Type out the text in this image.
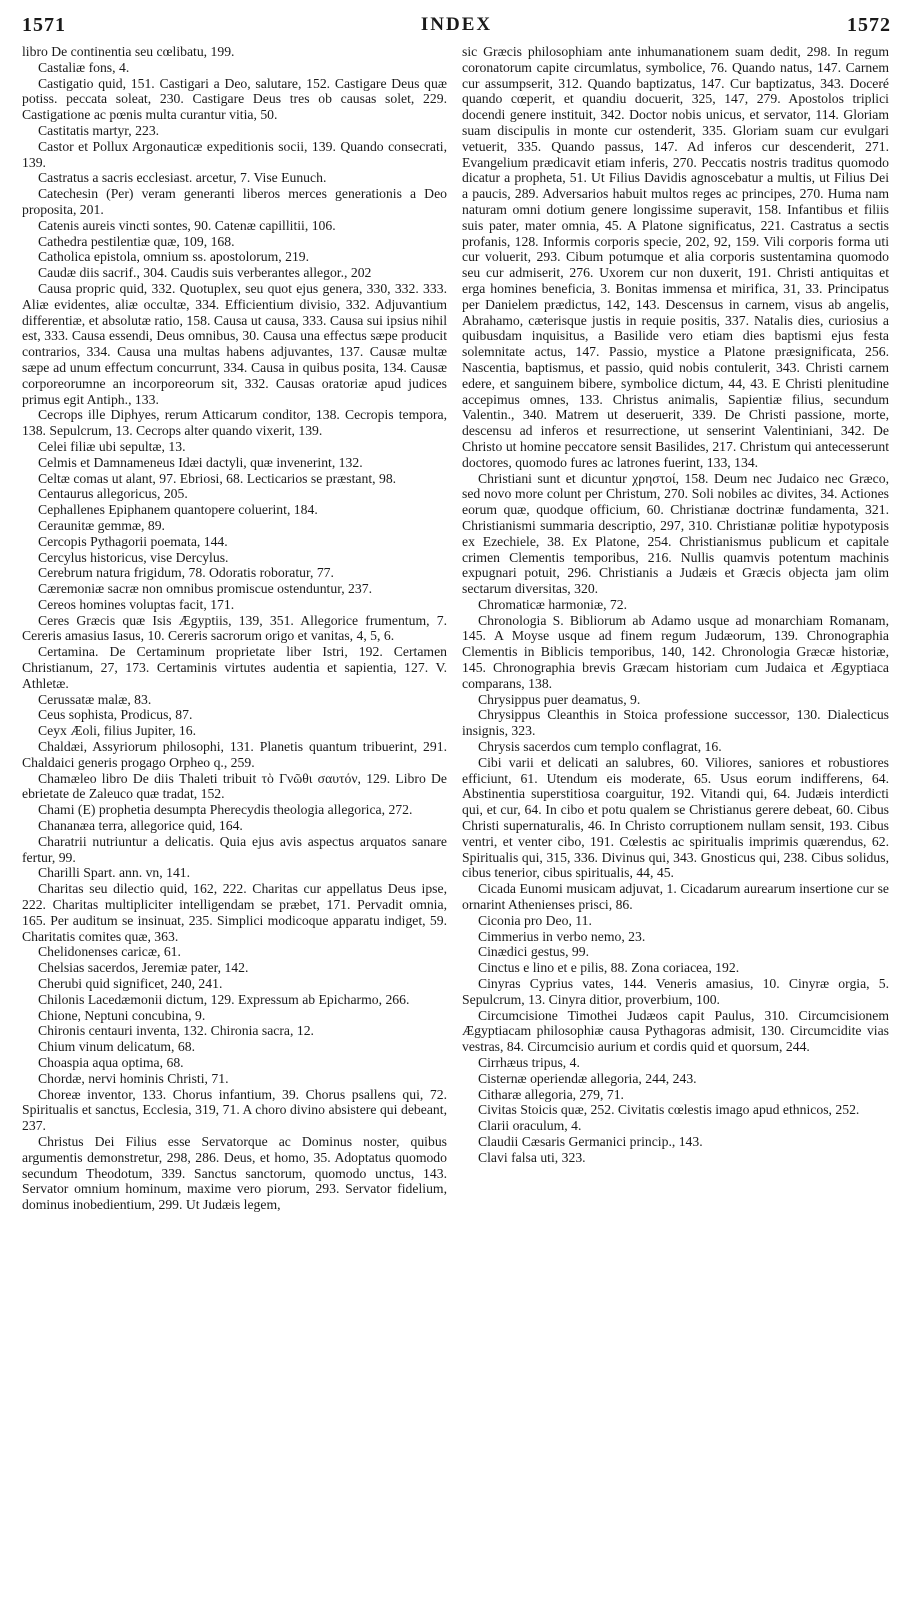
1571	INDEX	1572

libro De continentia seu cœlibatu, 199.

Castaliæ fons, 4.

Castigatio quid, 151. Castigari a Deo, salutare, 152. Castigare Deus quæ potiss. peccata soleat, 230. Castigare Deus tres ob causas solet, 229. Castigatione ac pœnis multa curantur vitia, 50.

Castitatis martyr, 223.

Castor et Pollux Argonauticæ expeditionis socii, 139. Quando consecrati, 139.

Castratus a sacris ecclesiast. arcetur, 7. Vise Eunuch.

Catechesin (Per) veram generanti liberos merces generationis a Deo proposita, 201.

Catenis aureis vincti sontes, 90. Catenæ capillitii, 106.

Cathedra pestilentiæ quæ, 109, 168.

Catholica epistola, omnium ss. apostolorum, 219.

Caudæ diis sacrif., 304. Caudis suis verberantes allegor., 202

Causa propric quid, 332. Quotuplex, seu quot ejus genera, 330, 332. 333. Aliæ evidentes, aliæ occultæ, 334. Efficientium divisio, 332. Adjuvantium differentiæ, et absolutæ ratio, 158. Causa ut causa, 333. Causa sui ipsius nihil est, 333. Causa essendi, Deus omnibus, 30. Causa una effectus sæpe producit contrarios, 334. Causa una multas habens adjuvantes, 137. Causæ multæ sæpe ad unum effectum concurrunt, 334. Causa in quibus posita, 134. Causæ corporeorumne an incorporeorum sit, 332. Causas oratoriæ apud judices primus egit Antiph., 133.

Cecrops ille Diphyes, rerum Atticarum conditor, 138. Cecropis tempora, 138. Sepulcrum, 13. Cecrops alter quando vixerit, 139.

Celei filiæ ubi sepultæ, 13.

Celmis et Damnameneus Idæi dactyli, quæ invenerint, 132.

Celtæ comas ut alant, 97. Ebriosi, 68. Lecticarios se præstant, 98.

Centaurus allegoricus, 205.

Cephallenes Epiphanem quantopere coluerint, 184.

Ceraunitæ gemmæ, 89.

Cercopis Pythagorii poemata, 144.

Cercylus historicus, vise Dercylus.

Cerebrum natura frigidum, 78. Odoratis roboratur, 77.

Cæremoniæ sacræ non omnibus promiscue ostenduntur, 237.

Cereos homines voluptas facit, 171.

Ceres Græcis quæ Isis Ægyptiis, 139, 351. Allegorice frumentum, 7. Cereris amasius Iasus, 10. Cereris sacrorum origo et vanitas, 4, 5, 6.

Certamina. De Certaminum proprietate liber Istri, 192. Certamen Christianum, 27, 173. Certaminis virtutes audentia et sapientia, 127. V. Athletæ.

Cerussatæ malæ, 83.

Ceus sophista, Prodicus, 87.

Ceyx Æoli, filius Jupiter, 16.

Chaldæi, Assyriorum philosophi, 131. Planetis quantum tribuerint, 291. Chaldaici generis progago Orpheo q., 259.

Chamæleo libro De diis Thaleti tribuit τὸ Γνῶθι σαυτόν, 129. Libro De ebrietate de Zaleuco quæ tradat, 152.

Chami (E) prophetia desumpta Pherecydis theologia allegorica, 272.

Chananæa terra, allegorice quid, 164.

Charatrii nutriuntur a delicatis. Quia ejus avis aspectus arquatos sanare fertur, 99.

Charilli Spart. ann. vn, 141.

Charitas seu dilectio quid, 162, 222. Charitas cur appellatus Deus ipse, 222. Charitas multipliciter intelligendam se præbet, 171. Pervadit omnia, 165. Per auditum se insinuat, 235. Simplici modicoque apparatu indiget, 59. Charitatis comites quæ, 363.

Chelidonenses caricæ, 61.

Chelsias sacerdos, Jeremiæ pater, 142.

Cherubi quid significet, 240, 241.

Chilonis Lacedæmonii dictum, 129. Expressum ab Epicharmo, 266.

Chione, Neptuni concubina, 9.

Chironis centauri inventa, 132. Chironia sacra, 12.

Chium vinum delicatum, 68.

Choaspia aqua optima, 68.

Chordæ, nervi hominis Christi, 71.

Choreæ inventor, 133. Chorus infantium, 39. Chorus psallens qui, 72. Spiritualis et sanctus, Ecclesia, 319, 71. A choro divino absistere qui debeant, 237.

Christus Dei Filius esse Servatorque ac Dominus noster, quibus argumentis demonstretur, 298, 286. Deus, et homo, 35. Adoptatus quomodo secundum Theodotum, 339. Sanctus sanctorum, quomodo unctus, 143. Servator omnium hominum, maxime vero piorum, 293. Servator fidelium, dominus inobedientium, 299. Ut Judæis legem,

sic Græcis philosophiam ante inhumanationem suam dedit, 298. In regum coronatorum capite circumlatus, symbolice, 76. Quando natus, 147. Carnem cur assumpserit, 312. Quando baptizatus, 147. Cur baptizatus, 343. Doceré quando cœperit, et quandiu docuerit, 325, 147, 279. Apostolos triplici docendi genere instituit, 342. Doctor nobis unicus, et servator, 114. Gloriam suam discipulis in monte cur ostenderit, 335. Gloriam suam cur evulgari vetuerit, 335. Quando passus, 147. Ad inferos cur descenderit, 271. Evangelium prædicavit etiam inferis, 270. Peccatis nostris traditus quomodo dicatur a propheta, 51. Ut Filius Davidis agnoscebatur a multis, ut Filius Dei a paucis, 289. Adversarios habuit multos reges ac principes, 270. Huma nam naturam omni dotium genere longissime superavit, 158. Infantibus et filiis suis pater, mater omnia, 45. A Platone significatus, 221. Castratus a sectis profanis, 128. Informis corporis specie, 202, 92, 159. Vili corporis forma uti cur voluerit, 293. Cibum potumque et alia corporis sustentamina quomodo seu cur admiserit, 276. Uxorem cur non duxerit, 191. Christi antiquitas et erga homines beneficia, 3. Bonitas immensa et mirifica, 31, 33. Principatus per Danielem prædictus, 142, 143. Descensus in carnem, visus ab angelis, Abrahamo, cæterisque justis in requie positis, 337. Natalis dies, curiosius a quibusdam inquisitus, a Basilide vero etiam dies baptismi ejus festa solemnitate actus, 147. Passio, mystice a Platone præsignificata, 256. Nascentia, baptismus, et passio, quid nobis contulerit, 343. Christi carnem edere, et sanguinem bibere, symbolice dictum, 44, 43. E Christi plenitudine accepimus omnes, 133. Christus animalis, Sapientiæ filius, secundum Valentin., 340. Matrem ut deseruerit, 339. De Christi passione, morte, descensu ad inferos et resurrectione, ut senserint Valentiniani, 342. De Christo ut homine peccatore sensit Basilides, 217. Christum qui antecesserunt doctores, quomodo fures ac latrones fuerint, 133, 134.

Christiani sunt et dicuntur χρηστοί, 158. Deum nec Judaico nec Græco, sed novo more colunt per Christum, 270. Soli nobiles ac divites, 34. Actiones eorum quæ, quodque officium, 60. Christianæ doctrinæ fundamenta, 321. Christianismi summaria descriptio, 297, 310. Christianæ politiæ hypotyposis ex Ezechiele, 38. Ex Platone, 254. Christianismus publicum et capitale crimen Clementis temporibus, 216. Nullis quamvis potentum machinis expugnari potuit, 296. Christianis a Judæis et Græcis objecta jam olim sectarum diversitas, 320.

Chromaticæ harmoniæ, 72.

Chronologia S. Bibliorum ab Adamo usque ad monarchiam Romanam, 145. A Moyse usque ad finem regum Judæorum, 139. Chronographia Clementis in Biblicis temporibus, 140, 142. Chronologia Græcæ historiæ, 145. Chronographia brevis Græcam historiam cum Judaica et Ægyptiaca comparans, 138.

Chrysippus puer deamatus, 9.

Chrysippus Cleanthis in Stoica professione successor, 130. Dialecticus insignis, 323.

Chrysis sacerdos cum templo conflagrat, 16.

Cibi varii et delicati an salubres, 60. Viliores, saniores et robustiores efficiunt, 61. Utendum eis moderate, 65. Usus eorum indifferens, 64. Abstinentia superstitiosa coarguitur, 192. Vitandi qui, 64. Judæis interdicti qui, et cur, 64. In cibo et potu qualem se Christianus gerere debeat, 60. Cibus Christi supernaturalis, 46. In Christo corruptionem nullam sensit, 193. Cibus ventri, et venter cibo, 191. Cœlestis ac spiritualis imprimis quærendus, 62. Spiritualis qui, 315, 336. Divinus qui, 343. Gnosticus qui, 238. Cibus solidus, cibus tenerior, cibus spiritualis, 44, 45.

Cicada Eunomi musicam adjuvat, 1. Cicadarum aurearum insertione cur se ornarint Athenienses prisci, 86.

Ciconia pro Deo, 11.

Cimmerius in verbo nemo, 23.

Cinædici gestus, 99.

Cinctus e lino et e pilis, 88. Zona coriacea, 192.

Cinyras Cyprius vates, 144. Veneris amasius, 10. Cinyræ orgia, 5. Sepulcrum, 13. Cinyra ditior, proverbium, 100.

Circumcisione Timothei Judæos capit Paulus, 310. Circumcisionem Ægyptiacam philosophiæ causa Pythagoras admisit, 130. Circumcidite vias vestras, 84. Circumcisio aurium et cordis quid et quorsum, 244.

Cirrhæus tripus, 4.

Cisternæ operiendæ allegoria, 244, 243.

Citharæ allegoria, 279, 71.

Civitas Stoicis quæ, 252. Civitatis cœlestis imago apud ethnicos, 252.

Clarii oraculum, 4.

Claudii Cæsaris Germanici princip., 143.

Clavi falsa uti, 323.
